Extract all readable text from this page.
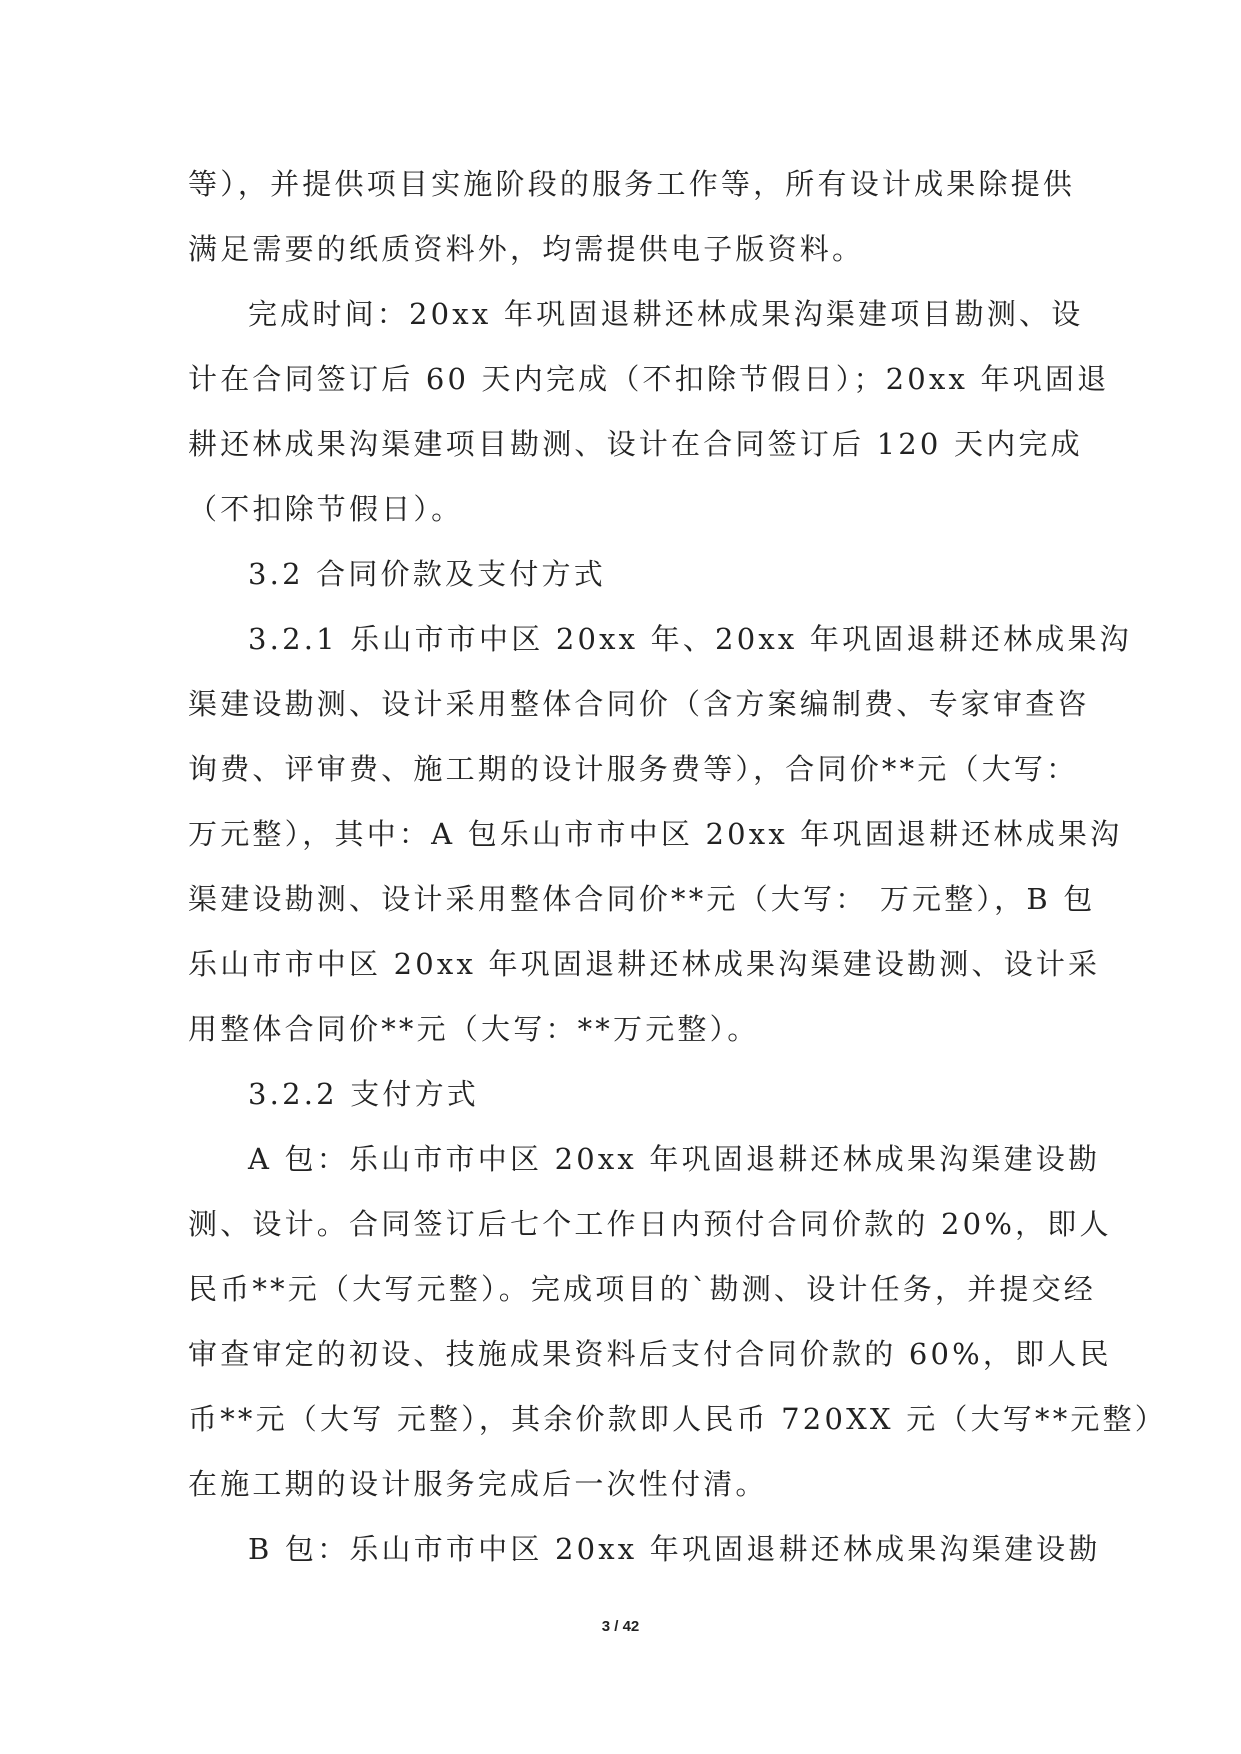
等），并提供项目实施阶段的服务工作等，所有设计成果除提供
满足需要的纸质资料外，均需提供电子版资料。
完成时间：20xx 年巩固退耕还林成果沟渠建项目勘测、设
计在合同签订后 60 天内完成（不扣除节假日）；20xx 年巩固退
耕还林成果沟渠建项目勘测、设计在合同签订后 120 天内完成
（不扣除节假日）。
3.2 合同价款及支付方式
3.2.1 乐山市市中区 20xx 年、20xx 年巩固退耕还林成果沟
渠建设勘测、设计采用整体合同价（含方案编制费、专家审查咨
询费、评审费、施工期的设计服务费等），合同价**元（大写：
万元整），其中：A 包乐山市市中区 20xx 年巩固退耕还林成果沟
渠建设勘测、设计采用整体合同价**元（大写： 万元整），B 包
乐山市市中区 20xx 年巩固退耕还林成果沟渠建设勘测、设计采
用整体合同价**元（大写：**万元整）。
3.2.2 支付方式
A 包：乐山市市中区 20xx 年巩固退耕还林成果沟渠建设勘
测、设计。合同签订后七个工作日内预付合同价款的 20%，即人
民币**元（大写元整）。完成项目的`勘测、设计任务，并提交经
审查审定的初设、技施成果资料后支付合同价款的 60%，即人民
币**元（大写 元整），其余价款即人民币 720XX 元（大写**元整）
在施工期的设计服务完成后一次性付清。
B 包：乐山市市中区 20xx 年巩固退耕还林成果沟渠建设勘
3 / 42
